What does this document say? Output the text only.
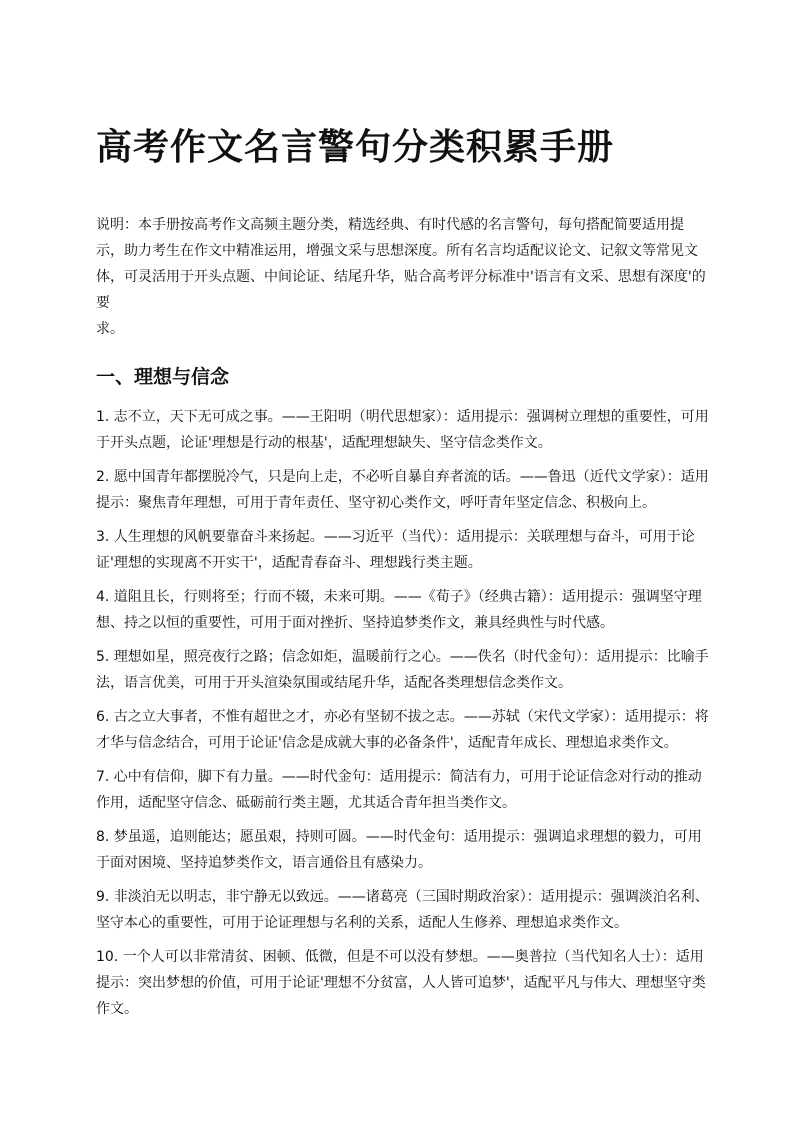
高考作文名言警句分类积累手册

说明：本手册按高考作文高频主题分类，精选经典、有时代感的名言警句，每句搭配简要适用提示，助力考生在作文中精准运用，增强文采与思想深度。所有名言均适配议论文、记叙文等常见文体，可灵活用于开头点题、中间论证、结尾升华，贴合高考评分标准中'语言有文采、思想有深度'的要

求。

一、理想与信念
1. 志不立，天下无可成之事。——王阳明（明代思想家）：适用提示：强调树立理想的重要性，可用于开头点题，论证'理想是行动的根基'，适配理想缺失、坚守信念类作文。
2. 愿中国青年都摆脱冷气，只是向上走，不必听自暴自弃者流的话。——鲁迅（近代文学家）：适用提示：聚焦青年理想，可用于青年责任、坚守初心类作文，呼吁青年坚定信念、积极向上。
3. 人生理想的风帆要靠奋斗来扬起。——习近平（当代）：适用提示：关联理想与奋斗，可用于论证'理想的实现离不开实干'，适配青春奋斗、理想践行类主题。
4. 道阻且长，行则将至；行而不辍，未来可期。——《荀子》（经典古籍）：适用提示：强调坚守理想、持之以恒的重要性，可用于面对挫折、坚持追梦类作文，兼具经典性与时代感。
5. 理想如星，照亮夜行之路；信念如炬，温暖前行之心。——佚名（时代金句）：适用提示：比喻手法，语言优美，可用于开头渲染氛围或结尾升华，适配各类理想信念类作文。
6. 古之立大事者，不惟有超世之才，亦必有坚韧不拔之志。——苏轼（宋代文学家）：适用提示：将才华与信念结合，可用于论证'信念是成就大事的必备条件'，适配青年成长、理想追求类作文。
7. 心中有信仰，脚下有力量。——时代金句：适用提示：简洁有力，可用于论证信念对行动的推动作用，适配坚守信念、砥砺前行类主题，尤其适合青年担当类作文。
8. 梦虽遥，追则能达；愿虽艰，持则可圆。——时代金句：适用提示：强调追求理想的毅力，可用于面对困境、坚持追梦类作文，语言通俗且有感染力。
9. 非淡泊无以明志，非宁静无以致远。——诸葛亮（三国时期政治家）：适用提示：强调淡泊名利、坚守本心的重要性，可用于论证理想与名利的关系，适配人生修养、理想追求类作文。
10. 一个人可以非常清贫、困顿、低微，但是不可以没有梦想。——奥普拉（当代知名人士）：适用提示：突出梦想的价值，可用于论证'理想不分贫富，人人皆可追梦'，适配平凡与伟大、理想坚守类作文。
